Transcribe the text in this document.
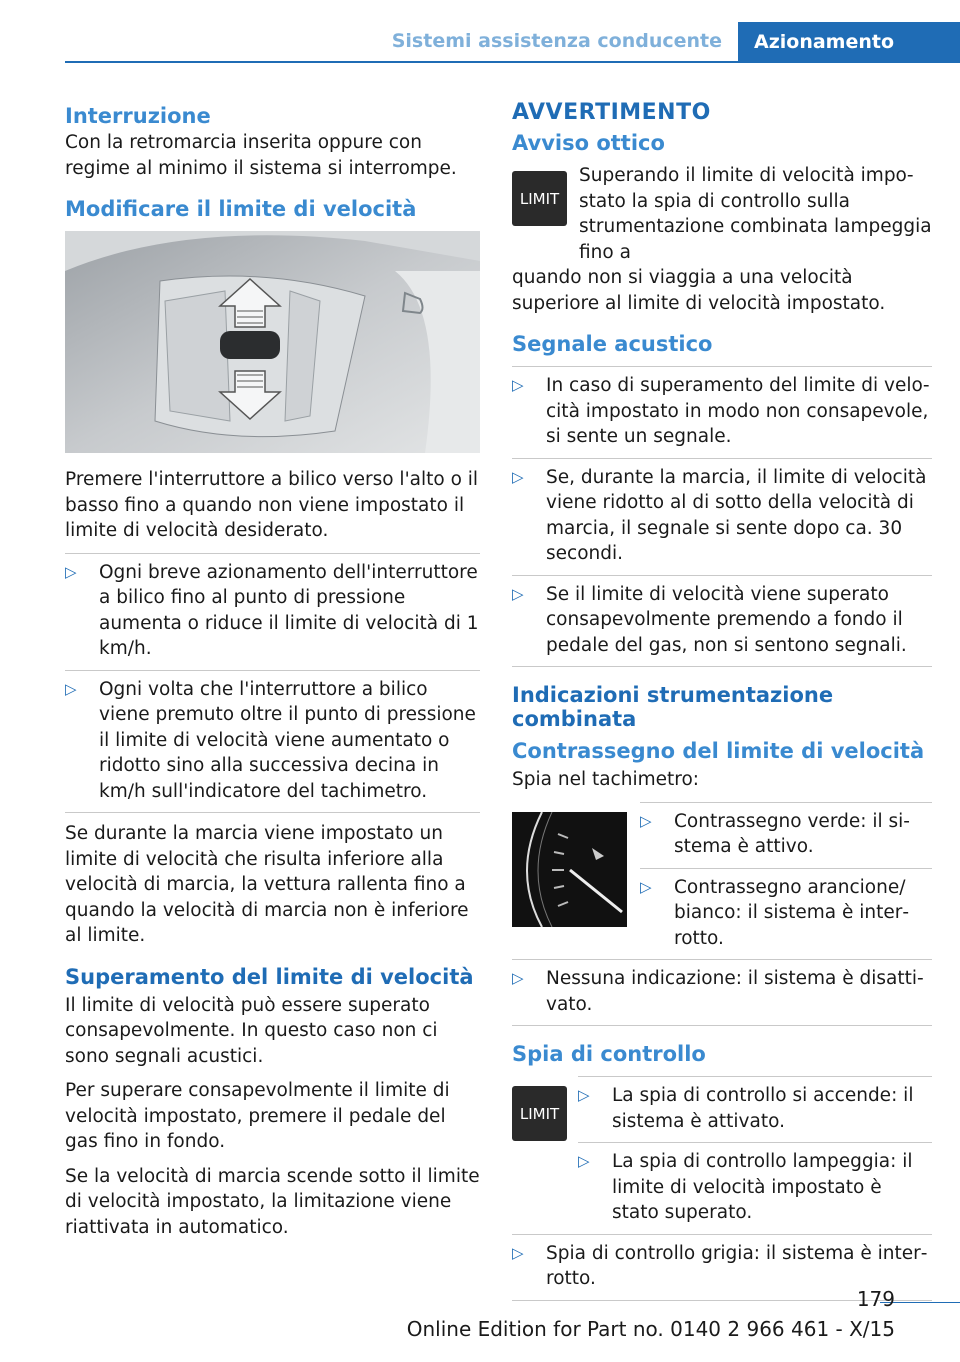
Sistemi assistenza conducente	Azionamento
Interruzione

Con la retromarcia inserita oppure con regime al minimo il sistema si interrompe.

Modificare il limite di velocità

Premere l'interruttore a bilico verso l'alto o il basso fino a quando non viene impostato il limite di velocità desiderato.

▷	Ogni breve azionamento dell'interruttore a bilico fino al punto di pressione aumenta o riduce il limite di velocità di 1 km/h.
▷	Ogni volta che l'interruttore a bilico viene premuto oltre il punto di pressione il limite di velocità viene aumentato o ridotto sino alla successiva decina in km/h sull'indicatore del tachimetro.

Se durante la marcia viene impostato un limite di velocità che risulta inferiore alla velocità di marcia, la vettura rallenta fino a quando la velocità di marcia non è inferiore al limite.

Superamento del limite di velocità

Il limite di velocità può essere superato consapevolmente. In questo caso non ci sono segnali acustici.

Per superare consapevolmente il limite di velocità impostato, premere il pedale del gas fino in fondo.

Se la velocità di marcia scende sotto il limite di velocità impostato, la limitazione viene riattivata in automatico.

AVVERTIMENTO
Avviso ottico
LIMIT
Superando il limite di velocità impostato la spia di controllo sulla strumentazione combinata lampeggia fino a

quando non si viaggia a una velocità superiore al limite di velocità impostato.

Segnale acustico
▷	In caso di superamento del limite di velocità impostato in modo non consapevole, si sente un segnale.
▷	Se, durante la marcia, il limite di velocità viene ridotto al di sotto della velocità di marcia, il segnale si sente dopo ca. 30 secondi.
▷	Se il limite di velocità viene superato consapevolmente premendo a fondo il pedale del gas, non si sentono segnali.
Indicazioni strumentazione combinata
Contrassegno del limite di velocità

Spia nel tachimetro:

▷	Contrassegno verde: il sistema è attivo.
▷	Contrassegno arancione/ bianco: il sistema è interrotto.
▷	Nessuna indicazione: il sistema è disattivato.
Spia di controllo
LIMIT
▷	La spia di controllo si accende: il sistema è attivato.
▷	La spia di controllo lampeggia: il limite di velocità impostato è stato superato.
▷	Spia di controllo grigia: il sistema è interrotto.
179
Online Edition for Part no. 0140 2 966 461 - X/15
